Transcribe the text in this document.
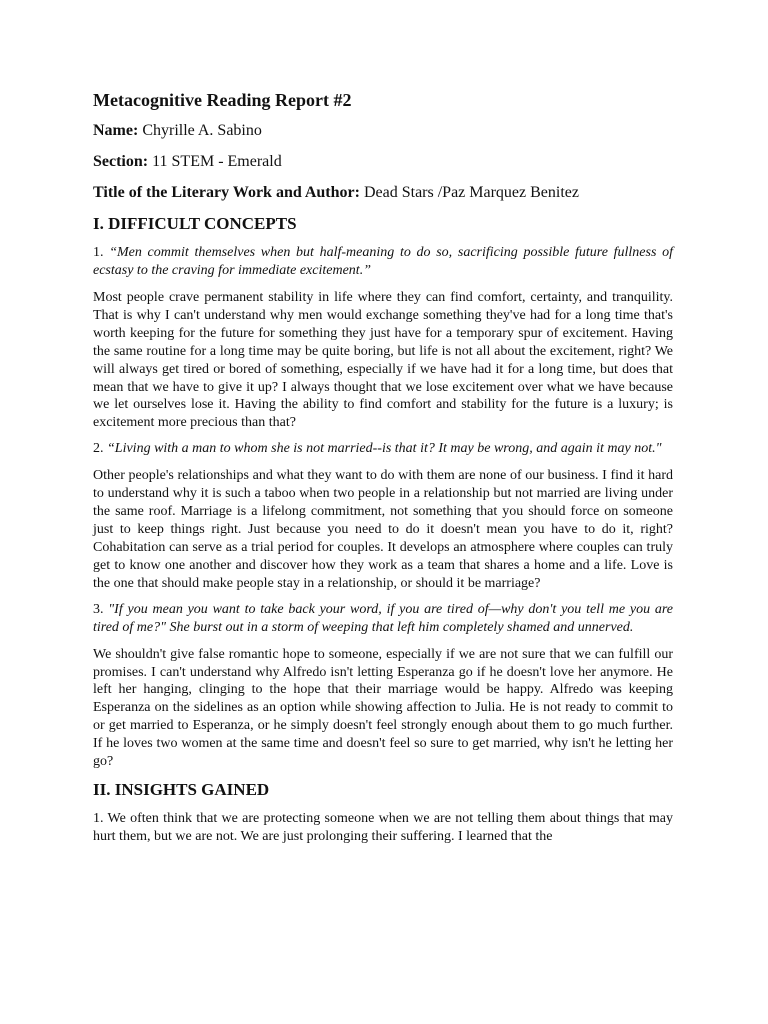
Metacognitive Reading Report #2
Name: Chyrille A. Sabino
Section: 11 STEM - Emerald
Title of the Literary Work and Author: Dead Stars /Paz Marquez Benitez
I. DIFFICULT CONCEPTS
1. “Men commit themselves when but half-meaning to do so, sacrificing possible future fullness of ecstasy to the craving for immediate excitement.”
Most people crave permanent stability in life where they can find comfort, certainty, and tranquility. That is why I can't understand why men would exchange something they've had for a long time that's worth keeping for the future for something they just have for a temporary spur of excitement. Having the same routine for a long time may be quite boring, but life is not all about the excitement, right? We will always get tired or bored of something, especially if we have had it for a long time, but does that mean that we have to give it up? I always thought that we lose excitement over what we have because we let ourselves lose it. Having the ability to find comfort and stability for the future is a luxury; is excitement more precious than that?
2. “Living with a man to whom she is not married--is that it? It may be wrong, and again it may not."
Other people's relationships and what they want to do with them are none of our business. I find it hard to understand why it is such a taboo when two people in a relationship but not married are living under the same roof. Marriage is a lifelong commitment, not something that you should force on someone just to keep things right. Just because you need to do it doesn't mean you have to do it, right? Cohabitation can serve as a trial period for couples. It develops an atmosphere where couples can truly get to know one another and discover how they work as a team that shares a home and a life. Love is the one that should make people stay in a relationship, or should it be marriage?
3. "If you mean you want to take back your word, if you are tired of—why don't you tell me you are tired of me?" She burst out in a storm of weeping that left him completely shamed and unnerved.
We shouldn't give false romantic hope to someone, especially if we are not sure that we can fulfill our promises. I can't understand why Alfredo isn't letting Esperanza go if he doesn't love her anymore. He left her hanging, clinging to the hope that their marriage would be happy. Alfredo was keeping Esperanza on the sidelines as an option while showing affection to Julia. He is not ready to commit to or get married to Esperanza, or he simply doesn't feel strongly enough about them to go much further. If he loves two women at the same time and doesn't feel so sure to get married, why isn't he letting her go?
II. INSIGHTS GAINED
1. We often think that we are protecting someone when we are not telling them about things that may hurt them, but we are not. We are just prolonging their suffering. I learned that the
